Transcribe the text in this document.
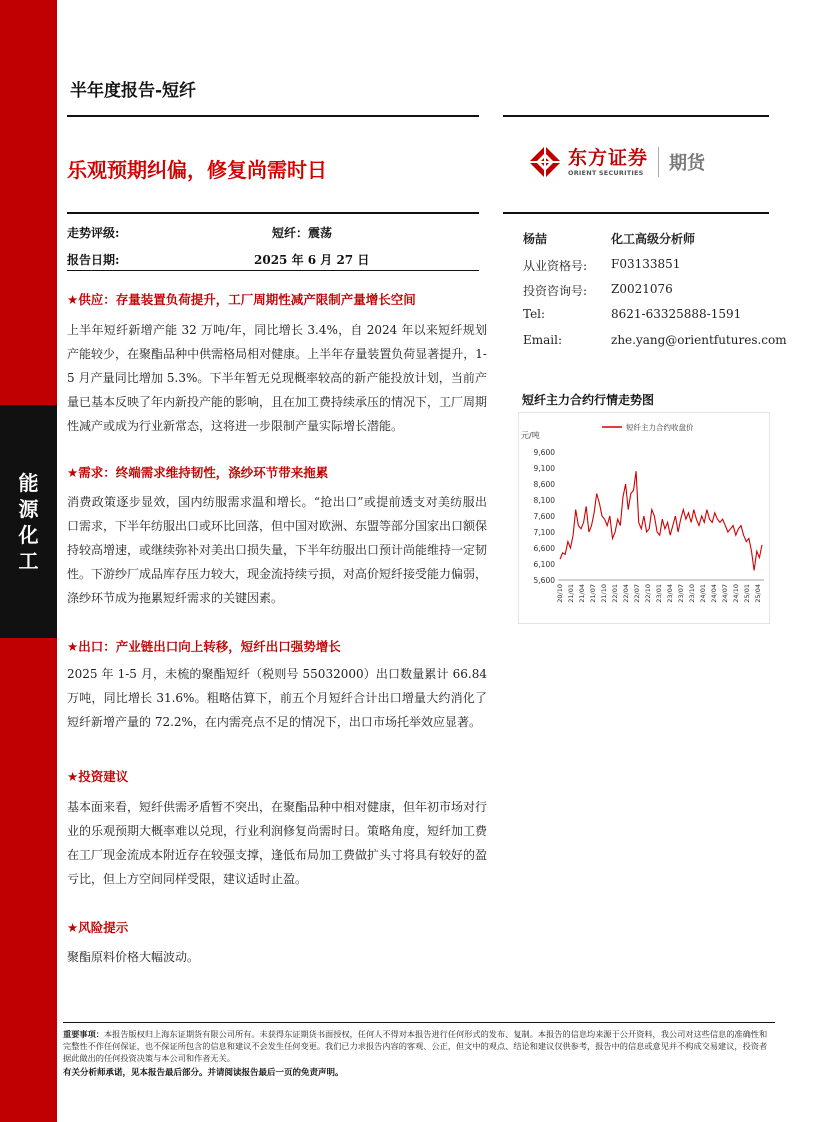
能
源
化
工
半年度报告-短纤
乐观预期纠偏，修复尚需时日	东方证券
ORIENT SECURITIES 期货
走势评级:	短纤：震荡
报告日期:	2025 年 6 月 27 日
★供应：存量装置负荷提升，工厂周期性减产限制产量增长空间
上半年短纤新增产能 32 万吨/年，同比增长 3.4%，自 2024 年以来短纤规划产能较少，在聚酯品种中供需格局相对健康。上半年存量装置负荷显著提升，1-5 月产量同比增加 5.3%。下半年暂无兑现概率较高的新产能投放计划，当前产量已基本反映了年内新投产能的影响，且在加工费持续承压的情况下，工厂周期性减产或成为行业新常态，这将进一步限制产量实际增长潜能。
★需求：终端需求维持韧性，涤纱环节带来拖累
消费政策逐步显效，国内纺服需求温和增长。“抢出口”或提前透支对美纺服出口需求，下半年纺服出口或环比回落，但中国对欧洲、东盟等部分国家出口额保持较高增速，或继续弥补对美出口损失量，下半年纺服出口预计尚能维持一定韧性。下游纱厂成品库存压力较大，现金流持续亏损，对高价短纤接受能力偏弱，涤纱环节成为拖累短纤需求的关键因素。
★出口：产业链出口向上转移，短纤出口强势增长
2025 年 1-5 月，未梳的聚酯短纤（税则号 55032000）出口数量累计 66.84 万吨，同比增长 31.6%。粗略估算下，前五个月短纤合计出口增量大约消化了短纤新增产量的 72.2%，在内需亮点不足的情况下，出口市场托举效应显著。
★投资建议
基本面来看，短纤供需矛盾暂不突出，在聚酯品种中相对健康，但年初市场对行业的乐观预期大概率难以兑现，行业利润修复尚需时日。策略角度，短纤加工费在工厂现金流成本附近存在较强支撑，逢低布局加工费做扩头寸将具有较好的盈亏比，但上方空间同样受限，建议适时止盈。
★风险提示
聚酯原料价格大幅波动。
杨喆	化工高级分析师
从业资格号: F03133851
投资咨询号: Z0021076
Tel:	8621-63325888-1591
Email:	zhe.yang@orientfutures.com
短纤主力合约行情走势图
元/吨
短纤主力合约收盘价
9,600
9,100
8,600
8,100
7,600
7,100
6,600
6,100
5,600
20/10 21/01 21/04 21/07 21/10 22/01 22/04 22/07 22/10 23/01 23/04 23/07 23/10 24/01 24/04 24/07 24/10 25/01 25/04
重要事项：本报告版权归上海东证期货有限公司所有。未获得东证期货书面授权，任何人不得对本报告进行任何形式的发布、复制。本报告的信息均来源于公开资料，我公司对这些信息的准确性和完整性不作任何保证，也不保证所包含的信息和建议不会发生任何变更。我们已力求报告内容的客观、公正，但文中的观点、结论和建议仅供参考，报告中的信息或意见并不构成交易建议，投资者据此做出的任何投资决策与本公司和作者无关。
有关分析师承诺，见本报告最后部分。并请阅读报告最后一页的免责声明。
